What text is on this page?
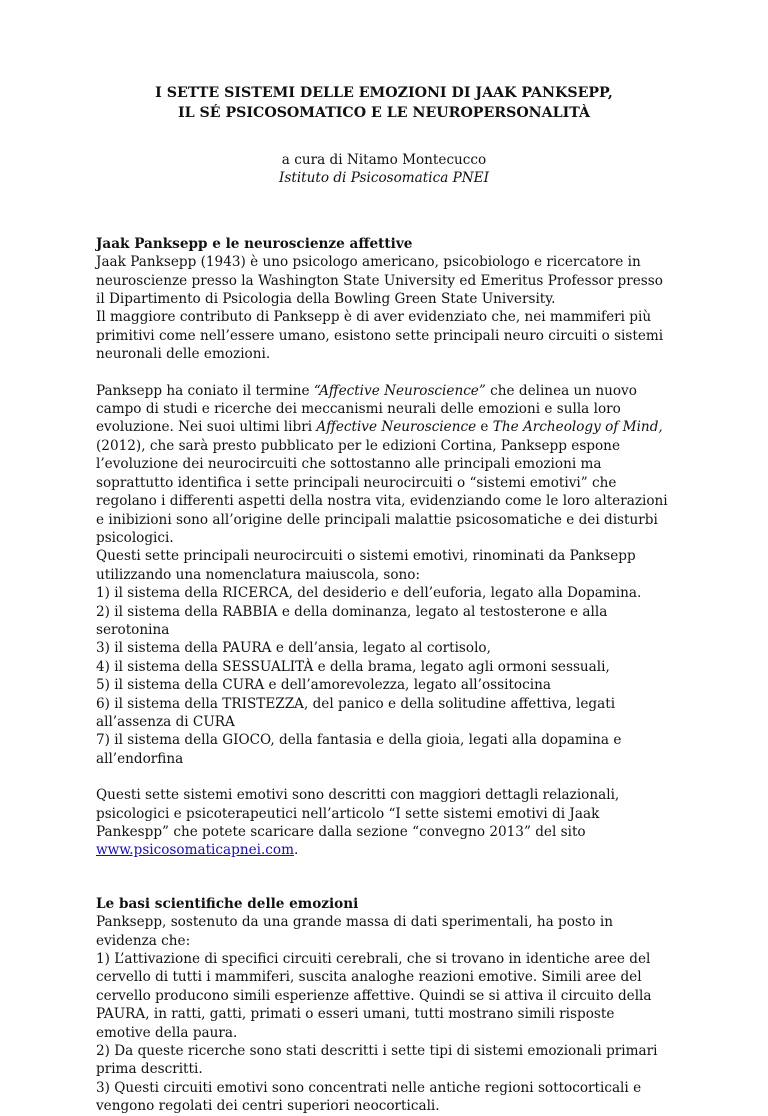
I SETTE SISTEMI DELLE EMOZIONI DI JAAK PANKSEPP,
IL SÉ PSICOSOMATICO E LE NEUROPERSONALITÀ
a cura di Nitamo Montecucco
Istituto di Psicosomatica PNEI
Jaak Panksepp e le neuroscienze affettive

Jaak Panksepp (1943) è uno psicologo americano, psicobiologo e ricercatore in neuroscienze presso la Washington State University ed Emeritus Professor presso il Dipartimento di Psicologia della Bowling Green State University.

Il maggiore contributo di Panksepp è di aver evidenziato che, nei mammiferi più primitivi come nell’essere umano, esistono sette principali neuro circuiti o sistemi neuronali delle emozioni.

Panksepp ha coniato il termine “Affective Neuroscience” che delinea un nuovo campo di studi e ricerche dei meccanismi neurali delle emozioni e sulla loro evoluzione. Nei suoi ultimi libri Affective Neuroscience e The Archeology of Mind, (2012), che sarà presto pubblicato per le edizioni Cortina, Panksepp espone l’evoluzione dei neurocircuiti che sottostanno alle principali emozioni ma soprattutto identifica i sette principali neurocircuiti o “sistemi emotivi” che regolano i differenti aspetti della nostra vita, evidenziando come le loro alterazioni e inibizioni sono all’origine delle principali malattie psicosomatiche e dei disturbi psicologici.

Questi sette principali neurocircuiti o sistemi emotivi, rinominati da Panksepp utilizzando una nomenclatura maiuscola, sono:

1) il sistema della RICERCA, del desiderio e dell’euforia, legato alla Dopamina.
2) il sistema della RABBIA e della dominanza, legato al testosterone e alla serotonina
3) il sistema della PAURA e dell’ansia, legato al cortisolo,
4) il sistema della SESSUALITÀ e della brama, legato agli ormoni sessuali,
5) il sistema della CURA e dell’amorevolezza, legato all’ossitocina
6) il sistema della TRISTEZZA, del panico e della solitudine affettiva, legati all’assenza di CURA
7) il sistema della GIOCO, della fantasia e della gioia, legati alla dopamina e all’endorfina

Questi sette sistemi emotivi sono descritti con maggiori dettagli relazionali, psicologici e psicoterapeutici nell’articolo “I sette sistemi emotivi di Jaak Pankespp” che potete scaricare dalla sezione “convegno 2013” del sito www.psicosomaticapnei.com.

Le basi scientifiche delle emozioni

Panksepp, sostenuto da una grande massa di dati sperimentali, ha posto in evidenza che:

1) L’attivazione di specifici circuiti cerebrali, che si trovano in identiche aree del cervello di tutti i mammiferi, suscita analoghe reazioni emotive. Simili aree del cervello producono simili esperienze affettive. Quindi se si attiva il circuito della PAURA, in ratti, gatti, primati o esseri umani, tutti mostrano simili risposte emotive della paura.

2) Da queste ricerche sono stati descritti i sette tipi di sistemi emozionali primari prima descritti.

3) Questi circuiti emotivi sono concentrati nelle antiche regioni sottocorticali e vengono regolati dei centri superiori neocorticali.
